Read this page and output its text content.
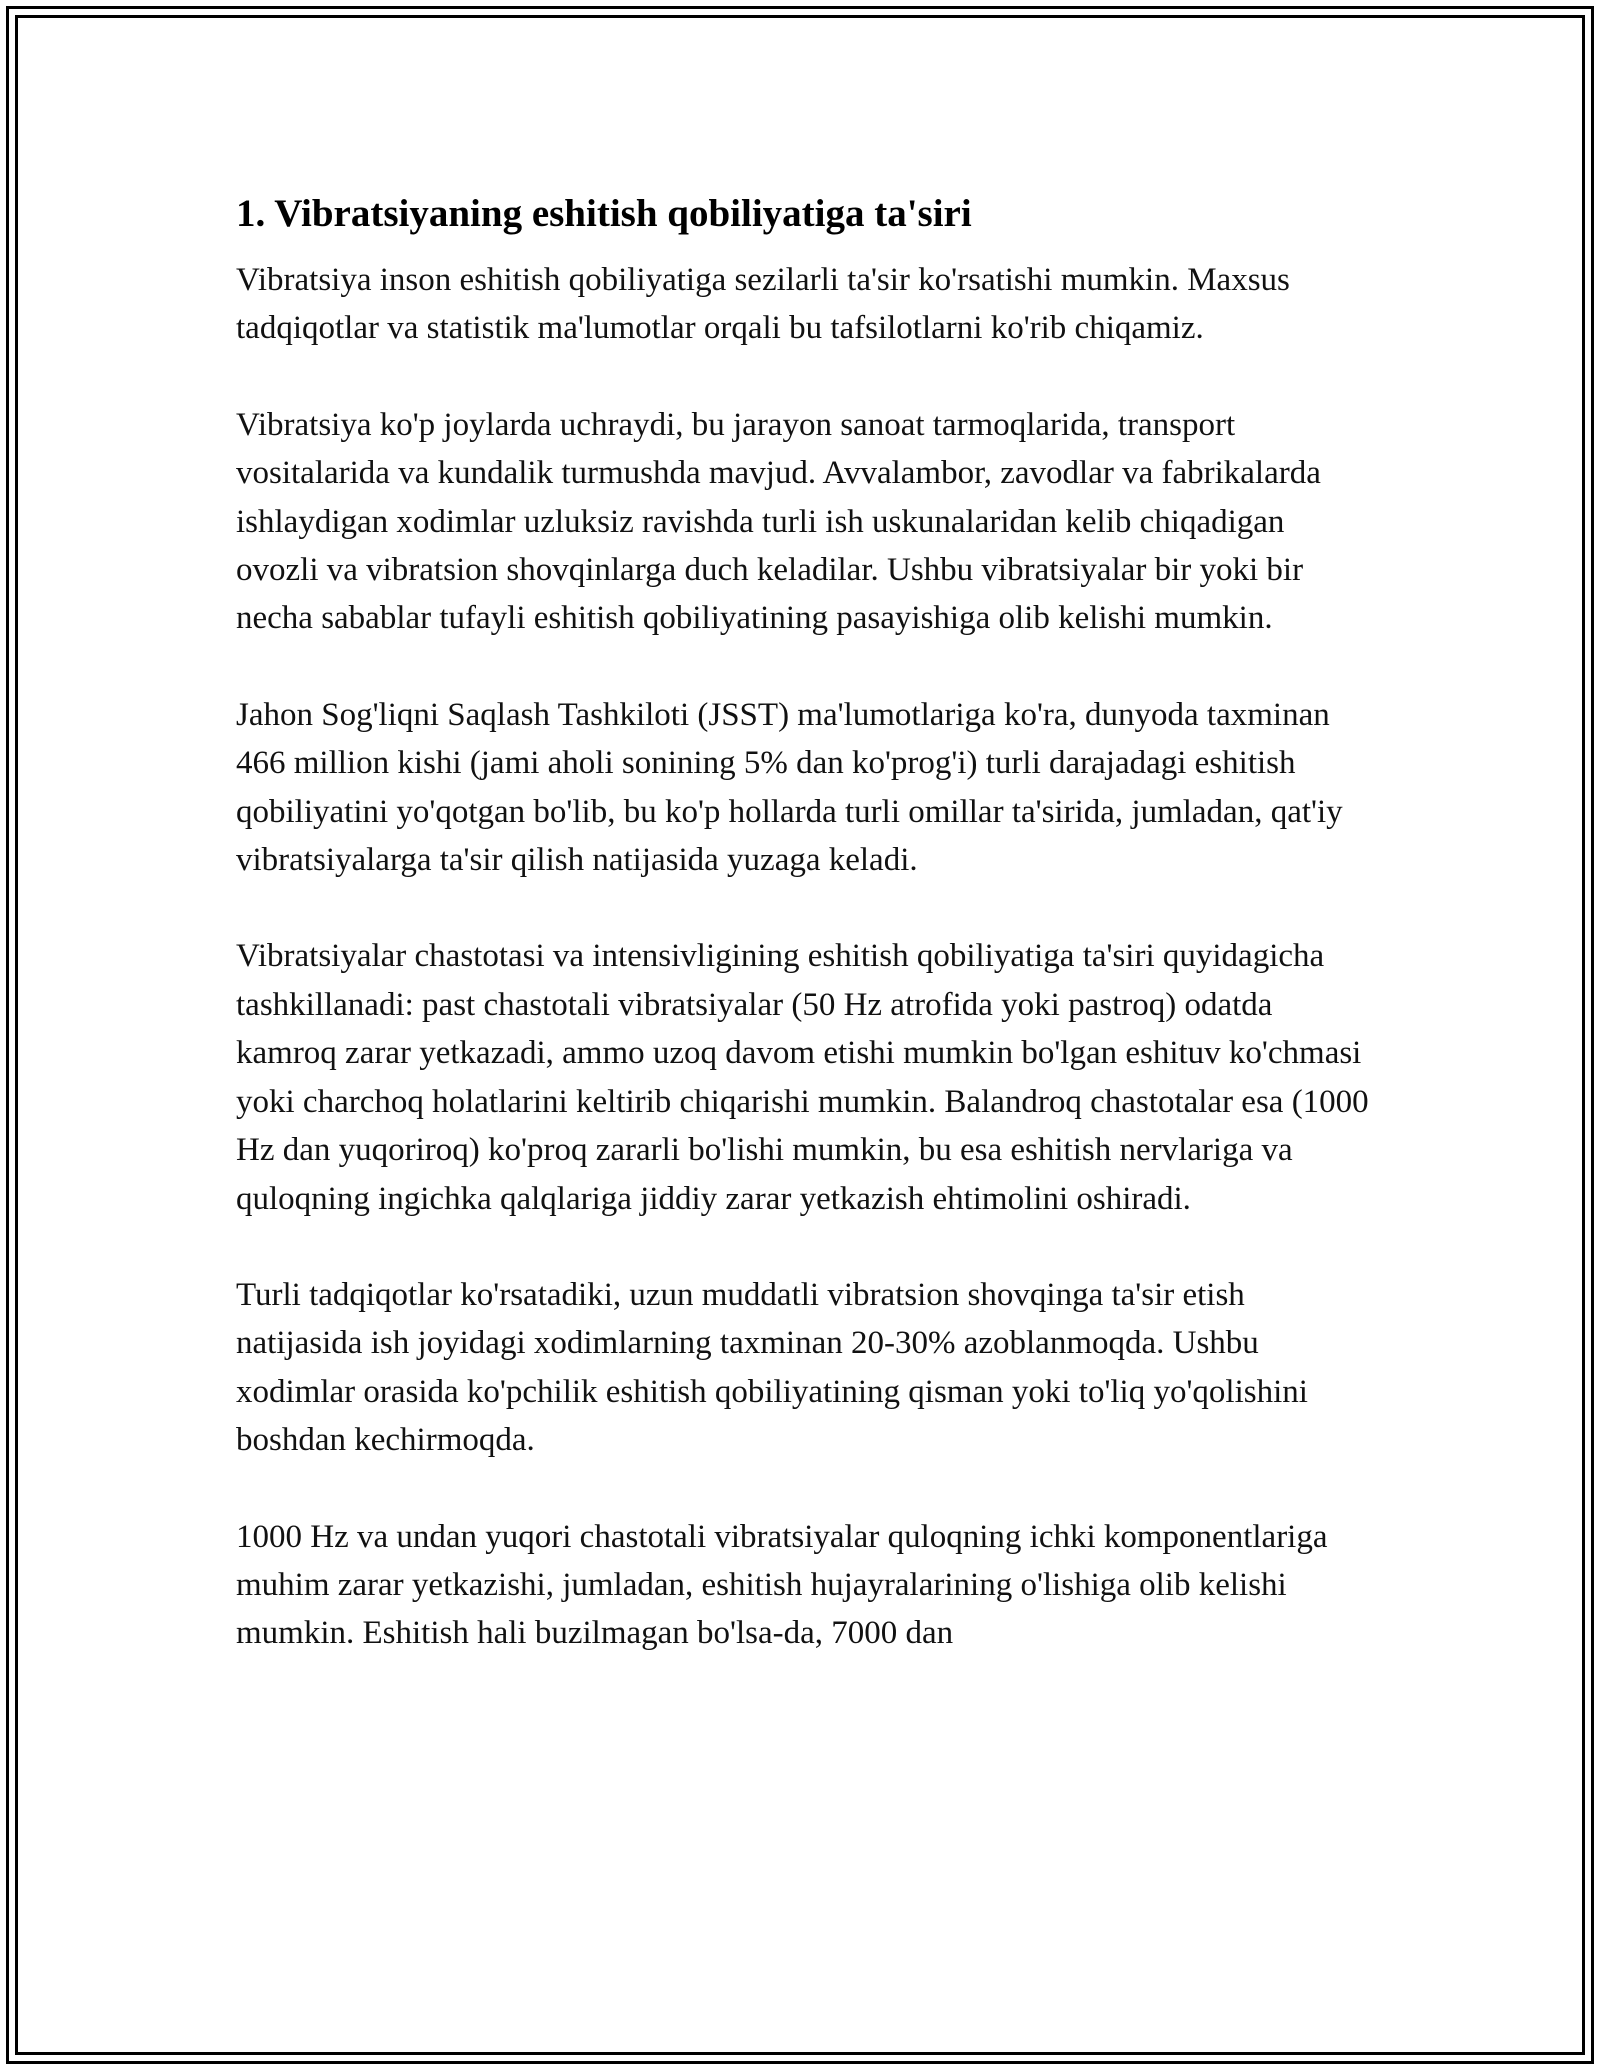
1. Vibratsiyaning eshitish qobiliyatiga ta'siri

Vibratsiya inson eshitish qobiliyatiga sezilarli ta'sir ko'rsatishi mumkin. Maxsus tadqiqotlar va statistik ma'lumotlar orqali bu tafsilotlarni ko'rib chiqamiz.

Vibratsiya ko'p joylarda uchraydi, bu jarayon sanoat tarmoqlarida, transport vositalarida va kundalik turmushda mavjud. Avvalambor, zavodlar va fabrikalarda ishlaydigan xodimlar uzluksiz ravishda turli ish uskunalaridan kelib chiqadigan ovozli va vibratsion shovqinlarga duch keladilar. Ushbu vibratsiyalar bir yoki bir necha sabablar tufayli eshitish qobiliyatining pasayishiga olib kelishi mumkin.

Jahon Sog'liqni Saqlash Tashkiloti (JSST) ma'lumotlariga ko'ra, dunyoda taxminan 466 million kishi (jami aholi sonining 5% dan ko'prog'i) turli darajadagi eshitish qobiliyatini yo'qotgan bo'lib, bu ko'p hollarda turli omillar ta'sirida, jumladan, qat'iy vibratsiyalarga ta'sir qilish natijasida yuzaga keladi.

Vibratsiyalar chastotasi va intensivligining eshitish qobiliyatiga ta'siri quyidagicha tashkillanadi: past chastotali vibratsiyalar (50 Hz atrofida yoki pastroq) odatda kamroq zarar yetkazadi, ammo uzoq davom etishi mumkin bo'lgan eshituv ko'chmasi yoki charchoq holatlarini keltirib chiqarishi mumkin. Balandroq chastotalar esa (1000 Hz dan yuqoriroq) ko'proq zararli bo'lishi mumkin, bu esa eshitish nervlariga va quloqning ingichka qalqlariga jiddiy zarar yetkazish ehtimolini oshiradi.

Turli tadqiqotlar ko'rsatadiki, uzun muddatli vibratsion shovqinga ta'sir etish natijasida ish joyidagi xodimlarning taxminan 20-30% azoblanmoqda. Ushbu xodimlar orasida ko'pchilik eshitish qobiliyatining qisman yoki to'liq yo'qolishini boshdan kechirmoqda.

1000 Hz va undan yuqori chastotali vibratsiyalar quloqning ichki komponentlariga muhim zarar yetkazishi, jumladan, eshitish hujayralarining o'lishiga olib kelishi mumkin. Eshitish hali buzilmagan bo'lsa-da, 7000 dan
